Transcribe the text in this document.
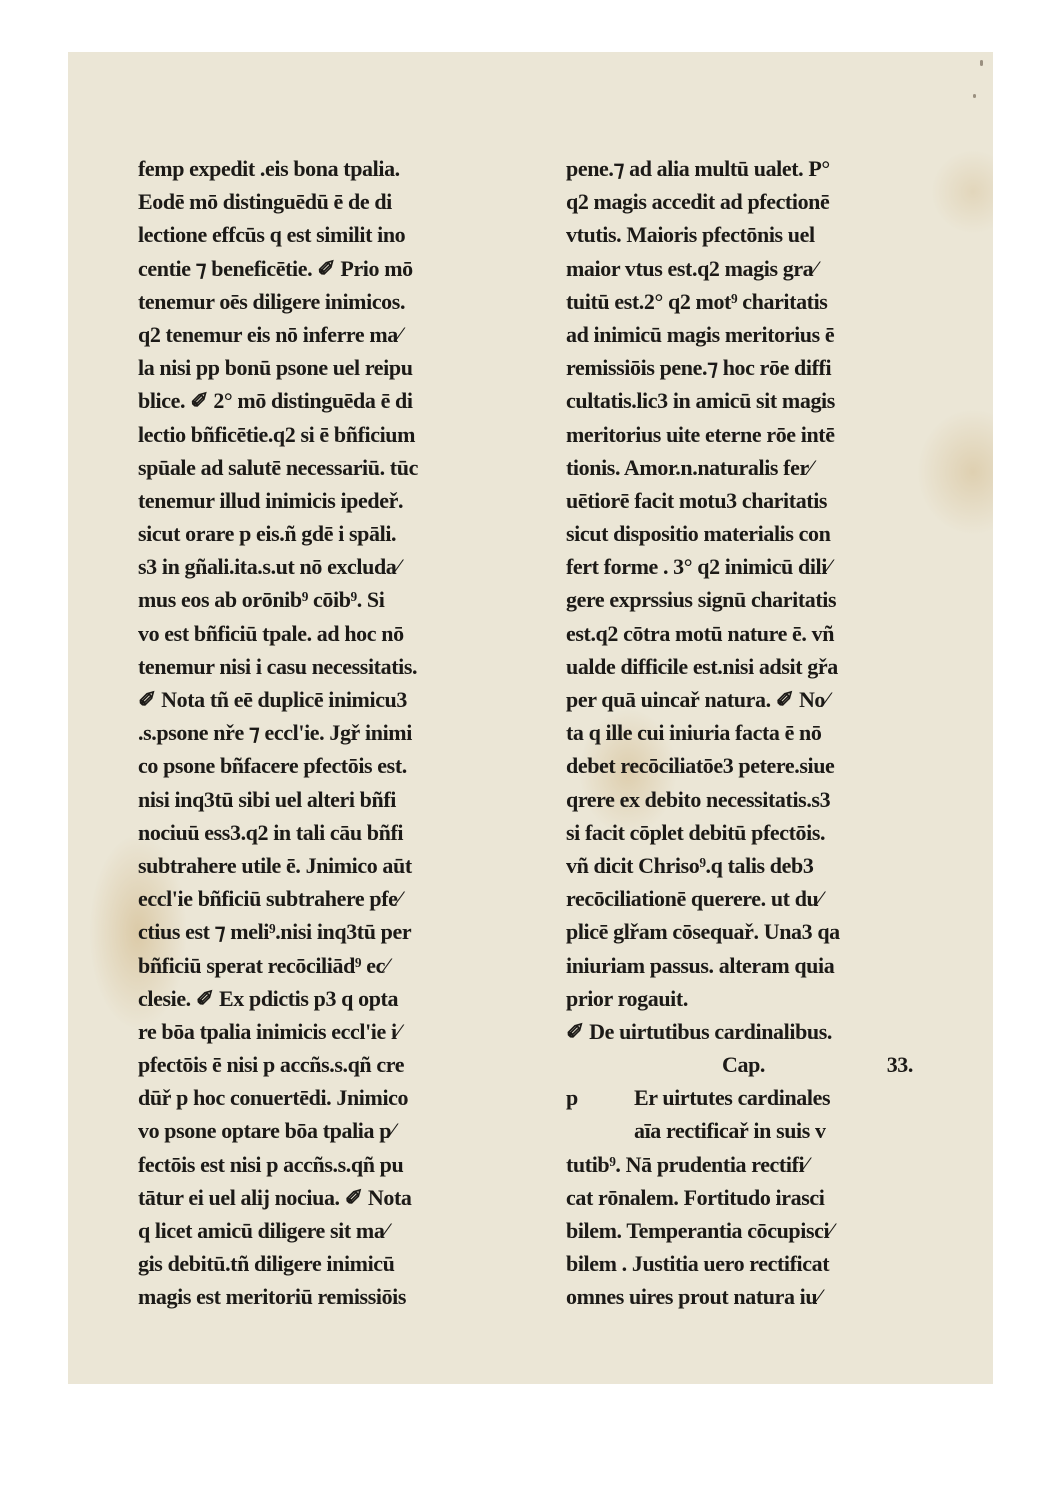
femp expedit .eis bona tpalia.
Eodē mō distinguēdū ē de di
lectione effcūs q est similit ino
centie ⁊ beneficētie. ✐ Prio mō
tenemur oēs diligere inimicos.
q2 tenemur eis nō inferre ma⁄
la nisi pp bonū psone uel reipu
blice. ✐ 2° mō distinguēda ē di
lectio bñficētie.q2 si ē bñficium
spūale ad salutē necessariū. tūc
tenemur illud inimicis ipedeř.
sicut orare p eis.ñ gdē i spāli.
s3 in gñali.ita.s.ut nō excluda⁄
mus eos ab orōnib⁹ cōib⁹. Si
vo est bñficiū tpale. ad hoc nō
tenemur nisi i casu necessitatis.
✐ Nota tñ eē duplicē inimicu3
.s.psone nře ⁊ eccl'ie. Jgř inimi
co psone bñfacere pfectōis est.
nisi inq3tū sibi uel alteri bñfi
nociuū ess3.q2 in tali cāu bñfi
subtrahere utile ē. Jnimico aūt
eccl'ie bñficiū subtrahere pfe⁄
ctius est ⁊ meli⁹.nisi inq3tū per
bñficiū sperat recōciliād⁹ ec⁄
clesie. ✐ Ex pdictis p3 q opta
re bōa tpalia inimicis eccl'ie i⁄
pfectōis ē nisi p accñs.s.qñ cre
dūř p hoc conuertēdi. Jnimico
vo psone optare bōa tpalia p⁄
fectōis est nisi p accñs.s.qñ pu
tātur ei uel alij nociua. ✐ Nota
q licet amicū diligere sit ma⁄
gis debitū.tñ diligere inimicū
magis est meritoriū remissiōis
pene.⁊ ad alia multū ualet. P°
q2 magis accedit ad pfectionē
vtutis. Maioris pfectōnis uel
maior vtus est.q2 magis gra⁄
tuitū est.2° q2 mot⁹ charitatis
ad inimicū magis meritorius ē
remissiōis pene.⁊ hoc rōe diffi
cultatis.lic3 in amicū sit magis
meritorius uite eterne rōe intē
tionis. Amor.n.naturalis fer⁄
uētiorē facit motu3 charitatis
sicut dispositio materialis con
fert forme . 3° q2 inimicū dili⁄
gere exprssius signū charitatis
est.q2 cōtra motū nature ē. vñ
ualde difficile est.nisi adsit gřa
per quā uincař natura. ✐ No⁄
ta q ille cui iniuria facta ē nō
debet recōciliatōe3 petere.siue
qrere ex debito necessitatis.s3
si facit cōplet debitū pfectōis.
vñ dicit Chriso⁹.q talis deb3
recōciliationē querere. ut du⁄
plicē glřam cōsequař. Una3 qa
iniuriam passus. alteram quia
prior rogauit.
✐ De uirtutibus cardinalibus.
Cap.	33.
p	Er uirtutes cardinales
aīa rectificař in suis v
tutib⁹. Nā prudentia rectifi⁄
cat rōnalem. Fortitudo irasci
bilem. Temperantia cōcupisci⁄
bilem . Justitia uero rectificat
omnes uires prout natura iu⁄
